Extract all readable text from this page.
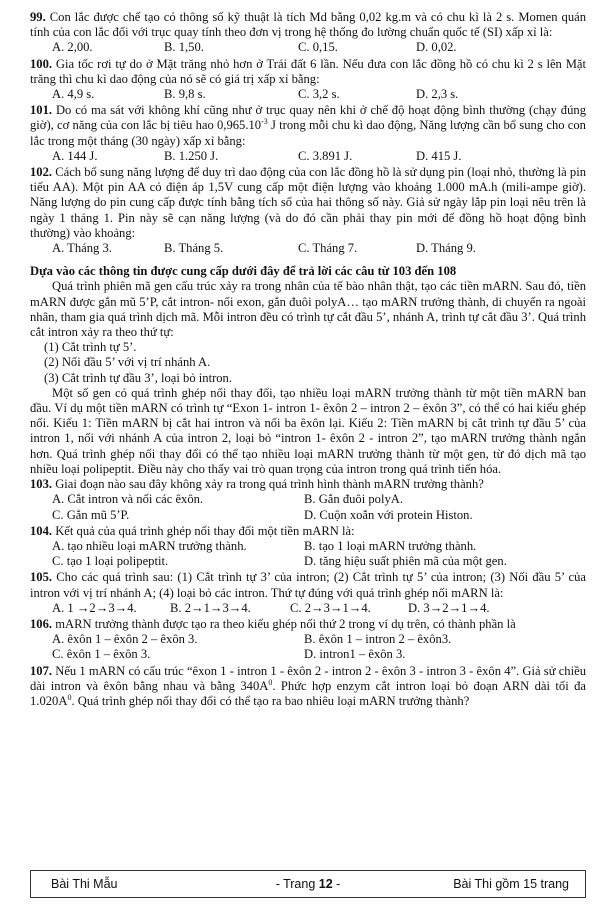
99. Con lắc được chế tạo có thông số kỹ thuật là tích Md bằng 0,02 kg.m và có chu kì là 2 s. Momen quán tính của con lắc đối với trục quay tính theo đơn vị trong hệ thống đo lường chuẩn quốc tế (SI) xấp xỉ là:
A. 2,00.	B. 1,50.	C. 0,15.	D. 0,02.
100. Gia tốc rơi tự do ở Mặt trăng nhỏ hơn ở Trái đất 6 lần. Nếu đưa con lắc đồng hồ có chu kì 2 s lên Mặt trăng thì chu kì dao động của nó sẽ có giá trị xấp xỉ bằng:
A. 4,9 s.	B. 9,8 s.	C. 3,2 s.	D. 2,3 s.
101. Do có ma sát với không khí cũng như ở trục quay nên khi ở chế độ hoạt động bình thường (chạy đúng giờ), cơ năng của con lắc bị tiêu hao $0,965.10^{-3}$ J trong mỗi chu kì dao động, Năng lượng cần bổ sung cho con lắc trong một tháng (30 ngày) xấp xỉ bằng:
A. 144 J.	B. 1.250 J.	C. 3.891 J.	D. 415 J.
102. Cách bổ sung năng lượng để duy trì dao động của con lắc đồng hồ là sử dụng pin (loại nhỏ, thường là pin tiểu AA). Một pin AA có điện áp 1,5V cung cấp một điện lượng vào khoảng 1.000 mA.h (mili-ampe giờ). Năng lượng do pin cung cấp được tính bằng tích số của hai thông số này. Giả sử ngày lắp pin loại nêu trên là ngày 1 tháng 1. Pin này sẽ cạn năng lượng (và do đó cần phải thay pin mới để đồng hồ hoạt động bình thường) vào khoảng:
A. Tháng 3.	B. Tháng 5.	C. Tháng 7.	D. Tháng 9.
Dựa vào các thông tin được cung cấp dưới đây để trả lời các câu từ 103 đến 108
Quá trình phiên mã gen cấu trúc xảy ra trong nhân của tế bào nhân thật, tạo các tiền mARN. Sau đó, tiền mARN được gắn mũ 5’P, cắt intron- nối exon, gắn đuôi polyA… tạo mARN trưởng thành, di chuyển ra ngoài nhân, tham gia quá trình dịch mã. Mỗi intron đều có trình tự cắt đầu 5’, nhánh A, trình tự cắt đầu 3’. Quá trình cắt intron xảy ra theo thứ tự:
(1) Cắt trình tự 5’.
(2) Nối đầu 5’ với vị trí nhánh A.
(3) Cắt trình tự đầu 3’, loại bỏ intron.
Một số gen có quá trình ghép nối thay đổi, tạo nhiều loại mARN trưởng thành từ một tiền mARN ban đầu. Ví dụ một tiền mARN có trình tự “Exon 1- intron 1- êxôn 2 – intron 2 – êxôn 3”, có thể có hai kiểu ghép nối. Kiểu 1: Tiền mARN bị cắt hai intron và nối ba êxôn lại. Kiểu 2: Tiền mARN bị cắt trình tự đầu 5’ của intron 1, nối với nhánh A của intron 2, loại bỏ “intron 1- êxôn 2 - intron 2”, tạo mARN trưởng thành ngắn hơn. Quá trình ghép nối thay đổi có thể tạo nhiều loại mARN trưởng thành từ một gen, từ đó dịch mã tạo nhiều loại polipeptit. Điều này cho thấy vai trò quan trọng của intron trong quá trình tiến hóa.
103. Giai đoạn nào sau đây không xảy ra trong quá trình hình thành mARN trưởng thành?
A. Cắt intron và nối các êxôn.	B. Gắn đuôi polyA.
C. Gắn mũ 5’P.	D. Cuộn xoắn với protein Histon.
104. Kết quả của quá trình ghép nối thay đổi một tiền mARN là:
A. tạo nhiều loại mARN trưởng thành.	B. tạo 1 loại mARN trưởng thành.
C. tạo 1 loại polipeptit.	D. tăng hiệu suất phiên mã của một gen.
105. Cho các quá trình sau: (1) Cắt trình tự 3’ của intron; (2) Cắt trình tự 5’ của intron; (3) Nối đầu 5’ của intron với vị trí nhánh A; (4) loại bỏ các intron. Thứ tự đúng với quá trình ghép nối mARN là:
A. 1 →2→3→4.	B. 2→1→3→4.	C. 2→3→1→4.	D. 3→2→1→4.
106. mARN trưởng thành được tạo ra theo kiểu ghép nối thứ 2 trong ví dụ trên, có thành phần là
A. êxôn 1 – êxôn 2 – êxôn 3.	B. êxôn 1 – intron 2 – êxôn3.
C. êxôn 1 – êxôn 3.	D. intron1 – êxôn 3.
107. Nếu 1 mARN có cấu trúc “êxon 1 - intron 1 - êxôn 2 - intron 2 - êxôn 3 - intron 3 - êxôn 4”. Giả sử chiều dài intron và êxôn bằng nhau và bằng $340A^0$. Phức hợp enzym cắt intron loại bỏ đoạn ARN dài tối đa $1.020A^0$. Quá trình ghép nối thay đổi có thể tạo ra bao nhiêu loại mARN trưởng thành?
Bài Thi Mẫu	- Trang 12 -	Bài Thi gồm 15 trang
